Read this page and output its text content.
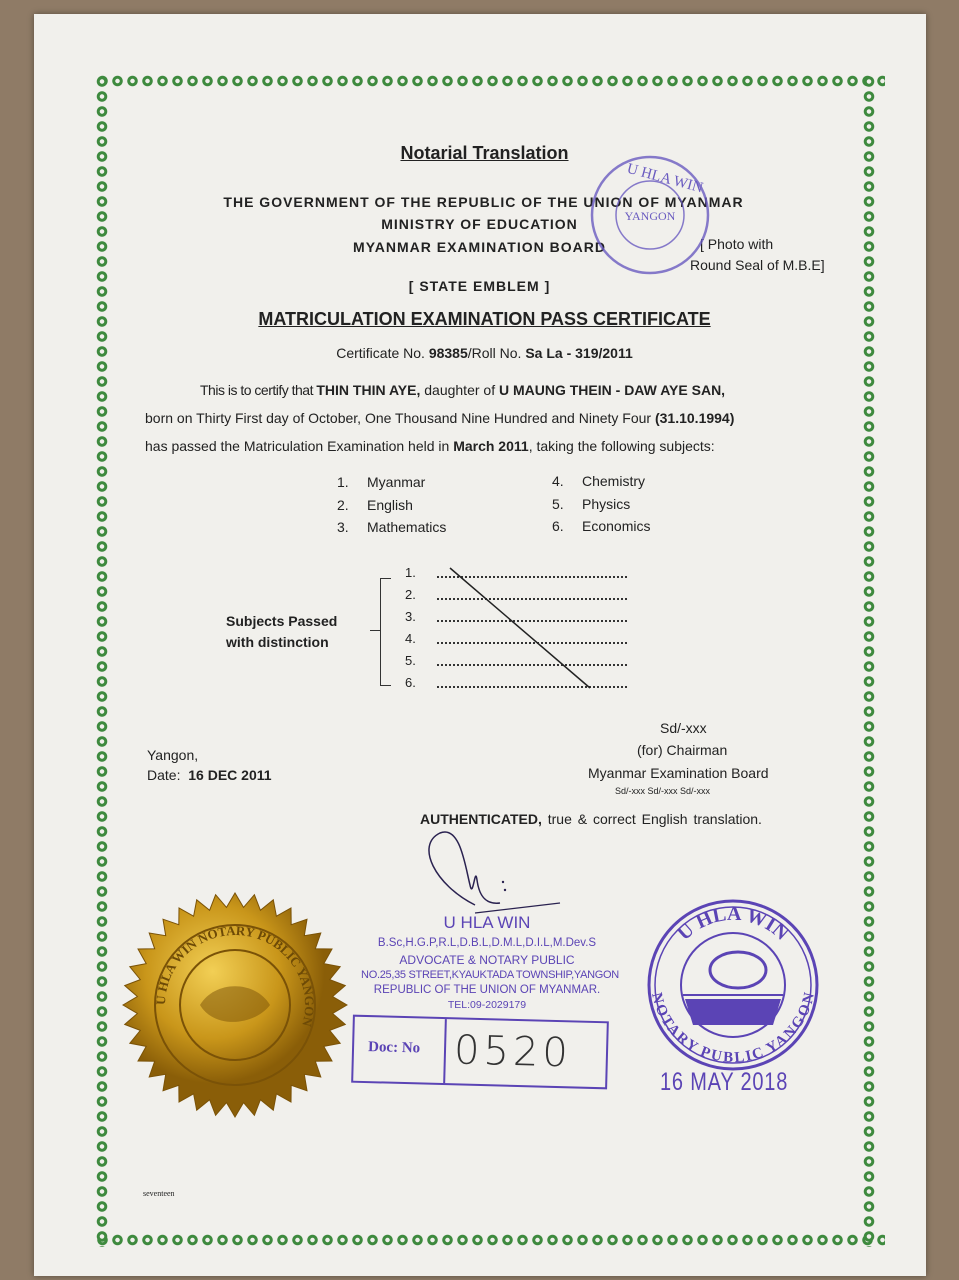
Notarial Translation
THE GOVERNMENT OF THE REPUBLIC OF THE UNION OF MYANMAR
MINISTRY OF EDUCATION
MYANMAR EXAMINATION BOARD	[ Photo with
Round Seal of M.B.E]
YANGON
U HLA WIN
[ STATE EMBLEM ]
MATRICULATION EXAMINATION PASS CERTIFICATE
Certificate No. 98385/Roll No. Sa La - 319/2011
This is to certify that THIN THIN AYE, daughter of U MAUNG THEIN - DAW AYE SAN,
born on Thirty First day of October, One Thousand Nine Hundred and Ninety Four (31.10.1994)
has passed the Matriculation Examination held in March 2011, taking the following subjects:
1. Myanmar
2. English
3. Mathematics
4. Chemistry
5. Physics
6. Economics
Subjects Passed
with distinction
1.
2.
3.
4.
5.
6.
Yangon,
Date: 16 DEC 2011
Sd/-xxx
(for) Chairman
Myanmar Examination Board
Sd/-xxx Sd/-xxx Sd/-xxx
AUTHENTICATED, true & correct English translation.
U HLA WIN
B.Sc,H.G.P,R.L,D.B.L,D.M.L,D.I.L,M.Dev.S
ADVOCATE & NOTARY PUBLIC
NO.25,35 STREET,KYAUKTADA TOWNSHIP,YANGON
REPUBLIC OF THE UNION OF MYANMAR.
TEL:09-2029179
Doc: No 0520
U HLA WIN
NOTARY PUBLIC YANGON
16 MAY 2018
U HLA WIN NOTARY PUBLIC YANGON
seventeen
